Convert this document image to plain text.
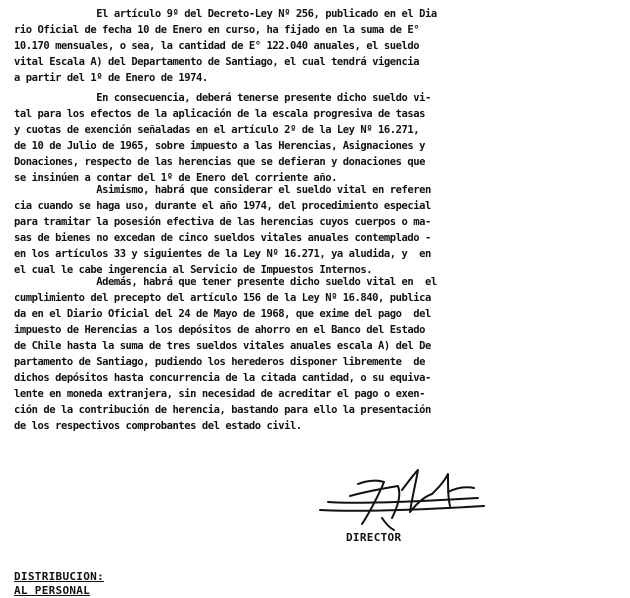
El artículo 9º del Decreto-Ley Nº 256, publicado en el Dia
rio Oficial de fecha 10 de Enero en curso, ha fijado en la suma de E°
10.170 mensuales, o sea, la cantidad de E° 122.040 anuales, el sueldo
vital Escala A) del Departamento de Santiago, el cual tendrá vigencia
a partir del 1º de Enero de 1974.
En consecuencia, deberá tenerse presente dicho sueldo vi-
tal para los efectos de la aplicación de la escala progresiva de tasas
y cuotas de exención señaladas en el artículo 2º de la Ley Nº 16.271,
de 10 de Julio de 1965, sobre impuesto a las Herencias, Asignaciones y
Donaciones, respecto de las herencias que se defieran y donaciones que
se insinúen a contar del 1º de Enero del corriente año.
Asimismo, habrá que considerar el sueldo vital en referen
cia cuando se haga uso, durante el año 1974, del procedimiento especial
para tramitar la posesión efectiva de las herencias cuyos cuerpos o ma-
sas de bienes no excedan de cinco sueldos vitales anuales contemplado -
en los artículos 33 y siguientes de la Ley Nº 16.271, ya aludida, y  en
el cual le cabe ingerencia al Servicio de Impuestos Internos.
Además, habrá que tener presente dicho sueldo vital en  el
cumplimiento del precepto del artículo 156 de la Ley Nº 16.840, publica
da en el Diario Oficial del 24 de Mayo de 1968, que exime del pago  del
impuesto de Herencias a los depósitos de ahorro en el Banco del Estado
de Chile hasta la suma de tres sueldos vitales anuales escala A) del De
partamento de Santiago, pudiendo los herederos disponer libremente  de
dichos depósitos hasta concurrencia de la citada cantidad, o su equiva-
lente en moneda extranjera, sin necesidad de acreditar el pago o exen-
ción de la contribución de herencia, bastando para ello la presentación
de los respectivos comprobantes del estado civil.
DIRECTOR
DISTRIBUCION:
AL PERSONAL
